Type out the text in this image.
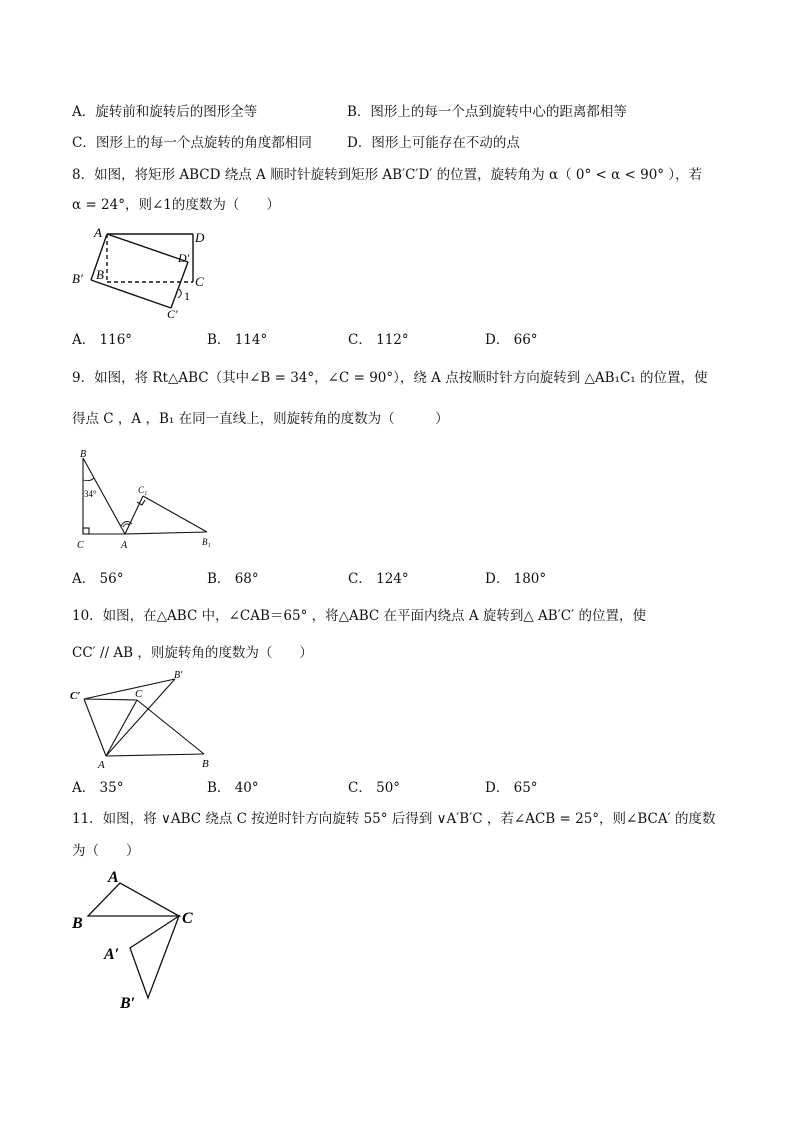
A．旋转前和旋转后的图形全等	B．图形上的每一个点到旋转中心的距离都相等
C．图形上的每一个点旋转的角度都相同	D．图形上可能存在不动的点
8．如图，将矩形 ABCD 绕点 A 顺时针旋转到矩形 AB′C′D′ 的位置，旋转角为 α（ 0° < α < 90° ），若
α = 24°，则∠1的度数为（　　）
A	D
D′
C
B
B′
C′
1
A． 116°	B． 114°	C． 112°	D． 66°
9．如图，将 Rt△ABC（其中∠B = 34°，∠C = 90°），绕 A 点按顺时针方向旋转到 △AB₁C₁ 的位置，使
得点 C ，A ，B₁ 在同一直线上，则旋转角的度数为（　　　）
B
34°
C	A
C₁
B₁
A． 56°	B． 68°	C． 124°	D． 180°
10．如图，在△ABC 中，∠CAB＝65° ，将△ABC 在平面内绕点 A 旋转到△ AB′C′ 的位置，使
CC′ // AB ，则旋转角的度数为（　　）
C′	C
B′
A	B
A． 35°	B． 40°	C． 50°	D． 65°
11．如图，将 ∨ABC 绕点 C 按逆时针方向旋转 55° 后得到 ∨A′B′C ，若∠ACB = 25°，则∠BCA′ 的度数
为（　　）
A
B	C
A′
B′
